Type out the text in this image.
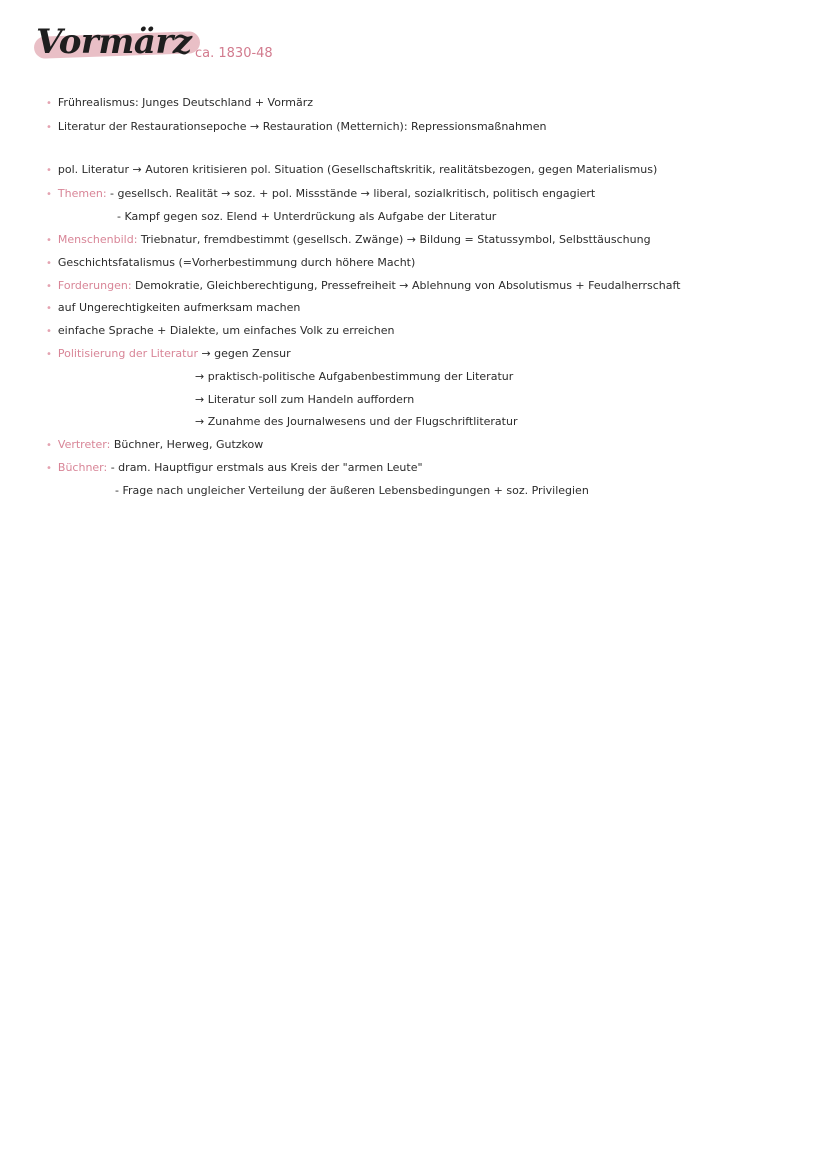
Vormärz ca. 1830-48
• Frührealismus: Junges Deutschland + Vormärz
• Literatur der Restaurationsepoche → Restauration (Metternich): Repressionsmaßnahmen
• pol. Literatur → Autoren kritisieren pol. Situation (Gesellschaftskritik, realitätsbezogen, gegen Materialismus)
• Themen: - gesellsch. Realität → soz. + pol. Missstände → liberal, sozialkritisch, politisch engagiert
- Kampf gegen soz. Elend + Unterdrückung als Aufgabe der Literatur
• Menschenbild: Triebnatur, fremdbestimmt (gesellsch. Zwänge) → Bildung = Statussymbol, Selbsttäuschung
• Geschichtsfatalismus (=Vorherbestimmung durch höhere Macht)
• Forderungen: Demokratie, Gleichberechtigung, Pressefreiheit → Ablehnung von Absolutismus + Feudalherrschaft
• auf Ungerechtigkeiten aufmerksam machen
• einfache Sprache + Dialekte, um einfaches Volk zu erreichen
• Politisierung der Literatur → gegen Zensur
→ praktisch-politische Aufgabenbestimmung der Literatur
→ Literatur soll zum Handeln auffordern
→ Zunahme des Journalwesens und der Flugschriftliteratur
• Vertreter: Büchner, Herweg, Gutzkow
• Büchner: - dram. Hauptfigur erstmals aus Kreis der "armen Leute"
- Frage nach ungleicher Verteilung der äußeren Lebensbedingungen + soz. Privilegien
